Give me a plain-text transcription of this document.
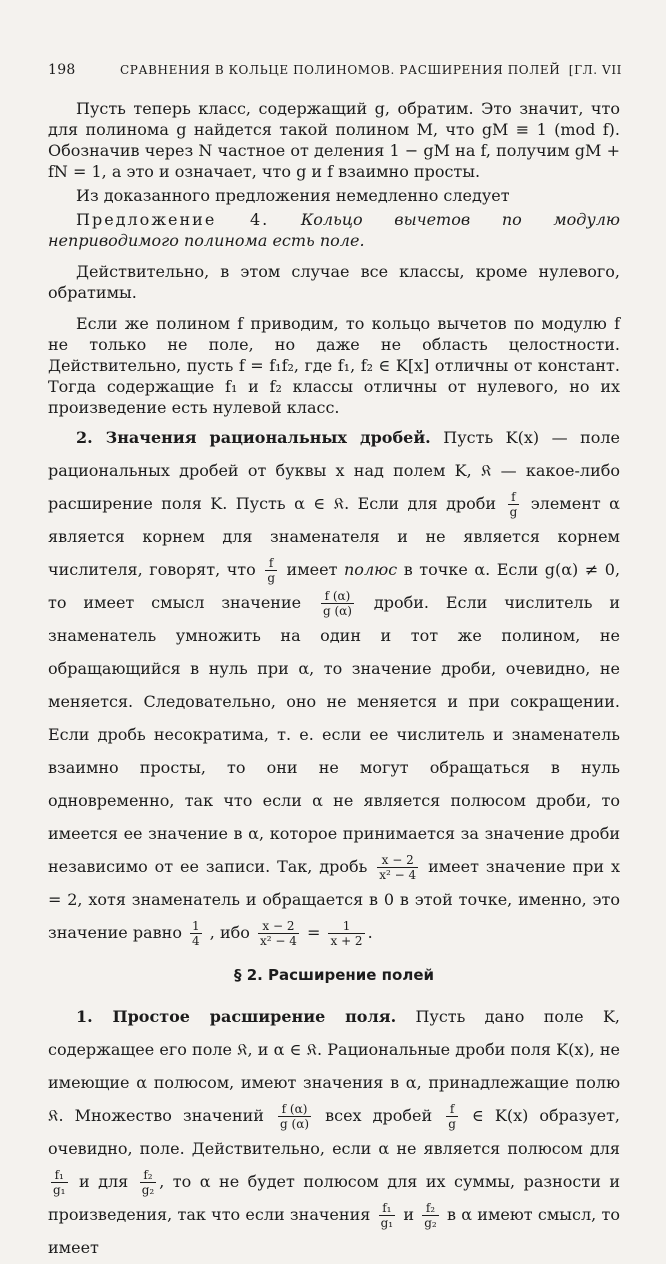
198	СРАВНЕНИЯ В КОЛЬЦЕ ПОЛИНОМОВ. РАСШИРЕНИЯ ПОЛЕЙ [ГЛ. VII

Пусть теперь класс, содержащий g, обратим. Это значит, что для полинома g найдется такой полином M, что gM ≡ 1 (mod f). Обозначив через N частное от деления 1 − gM на f, получим gM + fN = 1, а это и означает, что g и f взаимно просты.

Из доказанного предложения немедленно следует

Предложение 4. Кольцо вычетов по модулю неприводимого полинома есть поле.

Действительно, в этом случае все классы, кроме нулевого, обратимы.

Если же полином f приводим, то кольцо вычетов по модулю f не только не поле, но даже не область целостности. Действительно, пусть f = f₁f₂, где f₁, f₂ ∈ K[x] отличны от констант. Тогда содержащие f₁ и f₂ классы отличны от нулевого, но их произведение есть нулевой класс.

2. Значения рациональных дробей. Пусть K(x) — поле рациональных дробей от буквы x над полем K, 𝔎 — какое-либо расширение поля K. Пусть α ∈ 𝔎. Если для дроби $\frac{f}{g}$ элемент α является корнем для знаменателя и не является корнем числителя, говорят, что $\frac{f}{g}$ имеет полюс в точке α. Если g(α) ≠ 0, то имеет смысл значение $\frac{f (\alpha)}{g (\alpha)}$ дроби. Если числитель и знаменатель умножить на один и тот же полином, не обращающийся в нуль при α, то значение дроби, очевидно, не меняется. Следовательно, оно не меняется и при сокращении. Если дробь несократима, т. е. если ее числитель и знаменатель взаимно просты, то они не могут обращаться в нуль одновременно, так что если α не является полюсом дроби, то имеется ее значение в α, которое принимается за значение дроби независимо от ее записи. Так, дробь $\frac{x - 2}{\text{x² − 4}}$ имеет значение при x = 2, хотя знаменатель и обращается в 0 в этой точке, именно, это значение равно $\frac{1}{4}$ , ибо $\frac{x - 2}{\text{x² − 4}} = \frac{1}{x + 2}$ .

§ 2. Расширение полей

1. Простое расширение поля. Пусть дано поле K, содержащее его поле 𝔎, и α ∈ 𝔎. Рациональные дроби поля K(x), не имеющие α полюсом, имеют значения в α, принадлежащие полю 𝔎. Множество значений $\frac{f (\alpha)}{g (\alpha)}$ всех дробей $\frac{f}{g}$ ∈ K(x) образует, очевидно, поле. Действительно, если α не является полюсом для
$\frac{\text{f₁}}{\text{g₁}}$ и для $\frac{\text{f₂}}{\text{g₂}}$ , то α не будет полюсом для их суммы, разности и произведения, так что если значения $\frac{\text{f₁}}{\text{g₁}}$ и $\frac{\text{f₂}}{\text{g₂}}$ в α имеют смысл, то имеет
